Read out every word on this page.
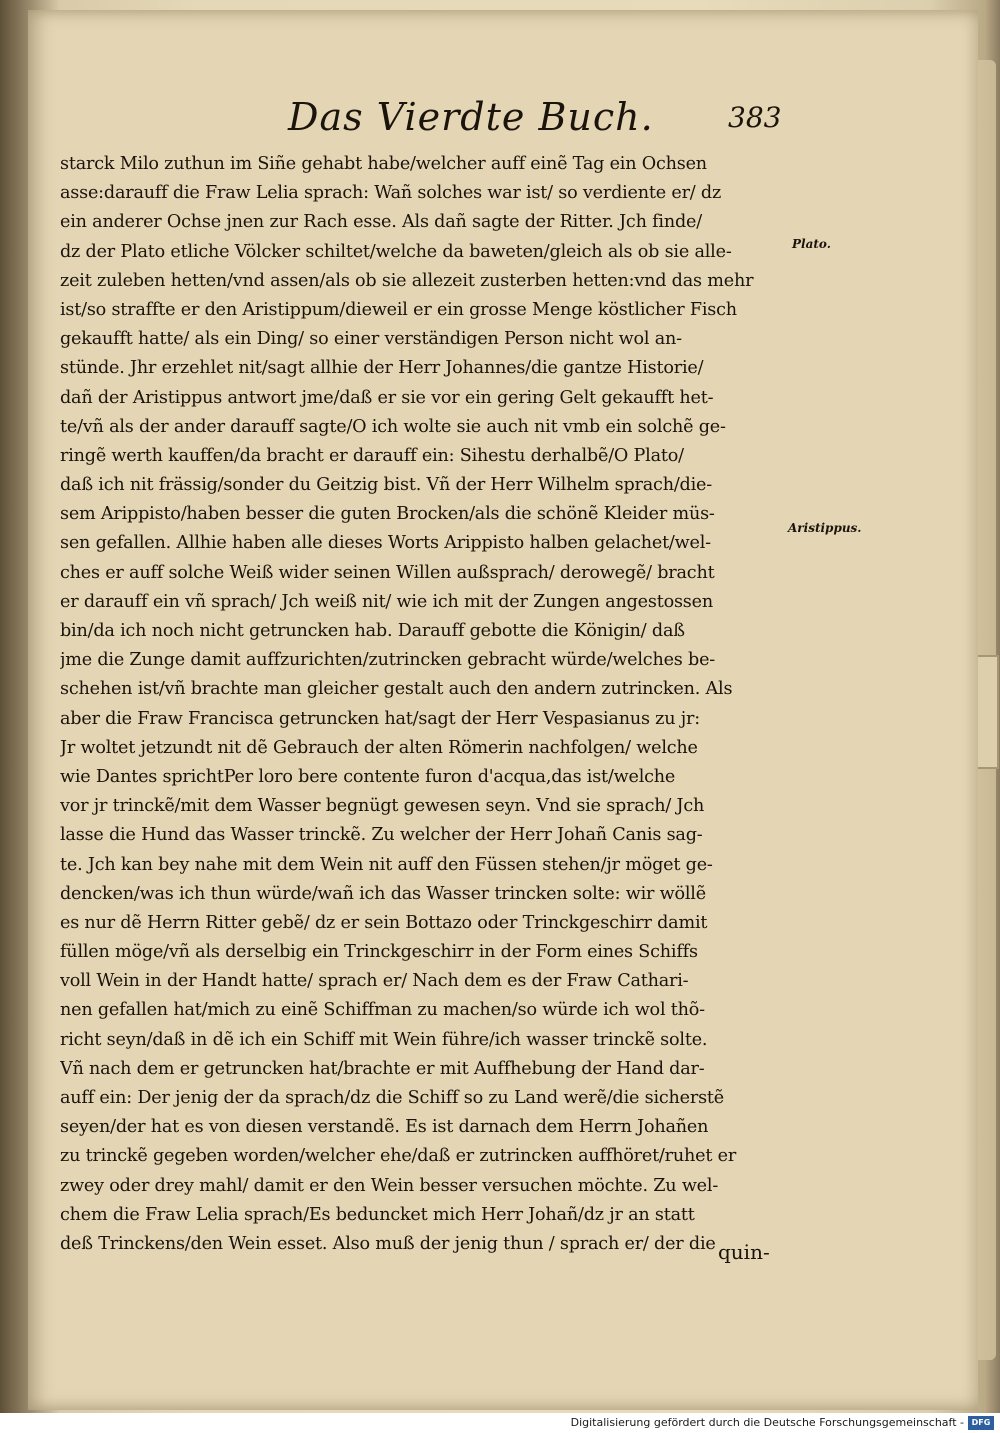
Das Vierdte Buch.	383
Plato.
Aristippus.
starck Milo zuthun im Siñe gehabt habe/welcher auff einẽ Tag ein Ochsen
asse:darauff die Fraw Lelia sprach: Wañ solches war ist/ so verdiente er/ dz
ein anderer Ochse jnen zur Rach esse. Als dañ sagte der Ritter. Jch finde/
dz der Plato etliche Völcker schiltet/welche da baweten/gleich als ob sie alle-
zeit zuleben hetten/vnd assen/als ob sie allezeit zusterben hetten:vnd das mehr
ist/so straffte er den Aristippum/dieweil er ein grosse Menge köstlicher Fisch
gekaufft hatte/ als ein Ding/ so einer verständigen Person nicht wol an-
stünde. Jhr erzehlet nit/sagt allhie der Herr Johannes/die gantze Historie/
dañ der Aristippus antwort jme/daß er sie vor ein gering Gelt gekaufft het-
te/vñ als der ander darauff sagte/O ich wolte sie auch nit vmb ein solchẽ ge-
ringẽ werth kauffen/da bracht er darauff ein: Sihestu derhalbẽ/O Plato/
daß ich nit frässig/sonder du Geitzig bist. Vñ der Herr Wilhelm sprach/die-
sem Arippisto/haben besser die guten Brocken/als die schönẽ Kleider müs-
sen gefallen. Allhie haben alle dieses Worts Arippisto halben gelachet/wel-
ches er auff solche Weiß wider seinen Willen außsprach/ derowegẽ/ bracht
er darauff ein vñ sprach/ Jch weiß nit/ wie ich mit der Zungen angestossen
bin/da ich noch nicht getruncken hab. Darauff gebotte die Königin/ daß
jme die Zunge damit auffzurichten/zutrincken gebracht würde/welches be-
schehen ist/vñ brachte man gleicher gestalt auch den andern zutrincken. Als
aber die Fraw Francisca getruncken hat/sagt der Herr Vespasianus zu jr:
Jr woltet jetzundt nit dẽ Gebrauch der alten Römerin nachfolgen/ welche
wie Dantes sprichtPer loro bere contente furon d'acqua,das ist/welche
vor jr trinckẽ/mit dem Wasser begnügt gewesen seyn. Vnd sie sprach/ Jch
lasse die Hund das Wasser trinckẽ. Zu welcher der Herr Johañ Canis sag-
te. Jch kan bey nahe mit dem Wein nit auff den Füssen stehen/jr möget ge-
dencken/was ich thun würde/wañ ich das Wasser trincken solte: wir wöllẽ
es nur dẽ Herrn Ritter gebẽ/ dz er sein Bottazo oder Trinckgeschirr damit
füllen möge/vñ als derselbig ein Trinckgeschirr in der Form eines Schiffs
voll Wein in der Handt hatte/ sprach er/ Nach dem es der Fraw Cathari-
nen gefallen hat/mich zu einẽ Schiffman zu machen/so würde ich wol thõ-
richt seyn/daß in dẽ ich ein Schiff mit Wein führe/ich wasser trinckẽ solte.
Vñ nach dem er getruncken hat/brachte er mit Auffhebung der Hand dar-
auff ein: Der jenig der da sprach/dz die Schiff so zu Land werẽ/die sicherstẽ
seyen/der hat es von diesen verstandẽ. Es ist darnach dem Herrn Johañen
zu trinckẽ gegeben worden/welcher ehe/daß er zutrincken auffhöret/ruhet er
zwey oder drey mahl/ damit er den Wein besser versuchen möchte. Zu wel-
chem die Fraw Lelia sprach/Es beduncket mich Herr Johañ/dz jr an statt
deß Trinckens/den Wein esset. Also muß der jenig thun / sprach er/ der die quin-
Digitalisierung gefördert durch die Deutsche Forschungsgemeinschaft - DFG
